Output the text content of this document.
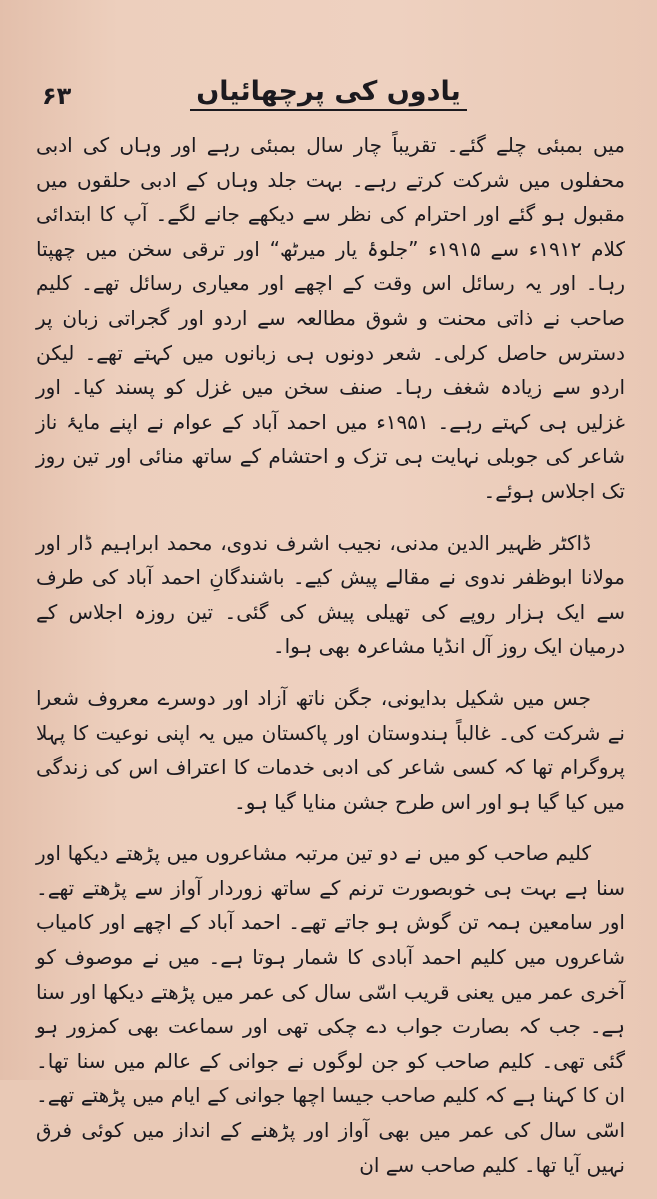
۶۳	یادوں کی پرچھائیاں

میں بمبئی چلے گئے۔ تقریباً چار سال بمبئی رہے اور وہاں کی ادبی محفلوں میں شرکت کرتے رہے۔ بہت جلد وہاں کے ادبی حلقوں میں مقبول ہو گئے اور احترام کی نظر سے دیکھے جانے لگے۔ آپ کا ابتدائی کلام ۱۹۱۲ء سے ۱۹۱۵ء ”جلوۂ یار میرٹھ“ اور ترقی سخن میں چھپتا رہا۔ اور یہ رسائل اس وقت کے اچھے اور معیاری رسائل تھے۔ کلیم صاحب نے ذاتی محنت و شوق مطالعہ سے اردو اور گجراتی زبان پر دسترس حاصل کرلی۔ شعر دونوں ہی زبانوں میں کہتے تھے۔ لیکن اردو سے زیادہ شغف رہا۔ صنف سخن میں غزل کو پسند کیا۔ اور غزلیں ہی کہتے رہے۔ ۱۹۵۱ء میں احمد آباد کے عوام نے اپنے مایۂ ناز شاعر کی جوبلی نہایت ہی تزک و احتشام کے ساتھ منائی اور تین روز تک اجلاس ہوئے۔

ڈاکٹر ظہیر الدین مدنی، نجیب اشرف ندوی، محمد ابراہیم ڈار اور مولانا ابوظفر ندوی نے مقالے پیش کیے۔ باشندگانِ احمد آباد کی طرف سے ایک ہزار روپے کی تھیلی پیش کی گئی۔ تین روزہ اجلاس کے درمیان ایک روز آل انڈیا مشاعرہ بھی ہوا۔

جس میں شکیل بدایونی، جگن ناتھ آزاد اور دوسرے معروف شعرا نے شرکت کی۔ غالباً ہندوستان اور پاکستان میں یہ اپنی نوعیت کا پہلا پروگرام تھا کہ کسی شاعر کی ادبی خدمات کا اعتراف اس کی زندگی میں کیا گیا ہو اور اس طرح جشن منایا گیا ہو۔

کلیم صاحب کو میں نے دو تین مرتبہ مشاعروں میں پڑھتے دیکھا اور سنا ہے بہت ہی خوبصورت ترنم کے ساتھ زوردار آواز سے پڑھتے تھے۔ اور سامعین ہمہ تن گوش ہو جاتے تھے۔ احمد آباد کے اچھے اور کامیاب شاعروں میں کلیم احمد آبادی کا شمار ہوتا ہے۔ میں نے موصوف کو آخری عمر میں یعنی قریب اسّی سال کی عمر میں پڑھتے دیکھا اور سنا ہے۔ جب کہ بصارت جواب دے چکی تھی اور سماعت بھی کمزور ہو گئی تھی۔ کلیم صاحب کو جن لوگوں نے جوانی کے عالم میں سنا تھا۔ ان کا کہنا ہے کہ کلیم صاحب جیسا اچھا جوانی کے ایام میں پڑھتے تھے۔ اسّی سال کی عمر میں بھی آواز اور پڑھنے کے انداز میں کوئی فرق نہیں آیا تھا۔ کلیم صاحب سے ان
